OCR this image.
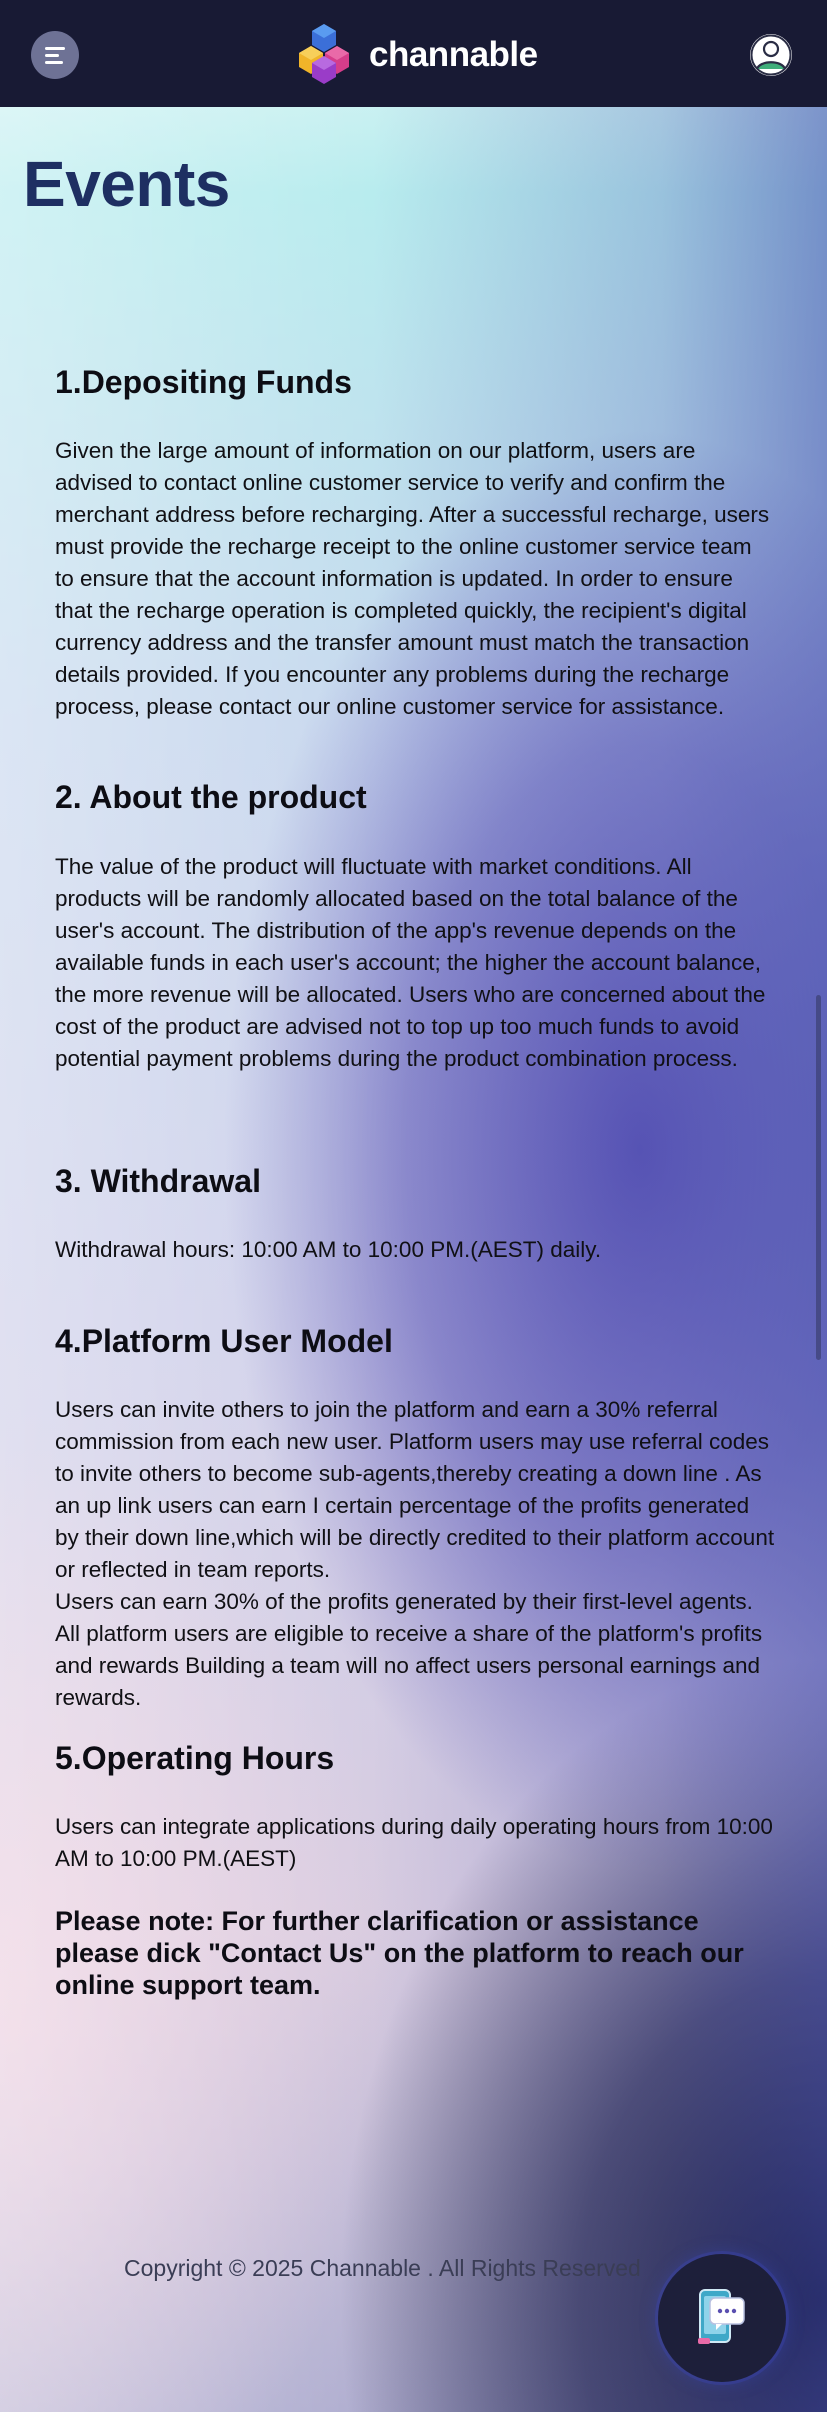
channable
Events
1.Depositing Funds

Given the large amount of information on our platform, users are advised to contact online customer service to verify and confirm the merchant address before recharging. After a successful recharge, users must provide the recharge receipt to the online customer service team to ensure that the account information is updated. In order to ensure that the recharge operation is completed quickly, the recipient's digital currency address and the transfer amount must match the transaction details provided. If you encounter any problems during the recharge process, please contact our online customer service for assistance.

2. About the product

The value of the product will fluctuate with market conditions. All products will be randomly allocated based on the total balance of the user's account. The distribution of the app's revenue depends on the available funds in each user's account; the higher the account balance, the more revenue will be allocated. Users who are concerned about the cost of the product are advised not to top up too much funds to avoid potential payment problems during the product combination process.

3. Withdrawal

Withdrawal hours: 10:00 AM to 10:00 PM.(AEST) daily.

4.Platform User Model

Users can invite others to join the platform and earn a 30% referral commission from each new user. Platform users may use referral codes to invite others to become sub-agents,thereby creating a down line . As an up link users can earn I certain percentage of the profits generated by their down line,which will be directly credited to their platform account or reflected in team reports.

Users can earn 30% of the profits generated by their first-level agents. All platform users are eligible to receive a share of the platform's profits and rewards Building a team will no affect users personal earnings and rewards.

5.Operating Hours

Users can integrate applications during daily operating hours from 10:00 AM to 10:00 PM.(AEST)

Please note: For further clarification or assistance please dick "Contact Us" on the platform to reach our online support team.

Copyright © 2025 Channable . All Rights Reserved
